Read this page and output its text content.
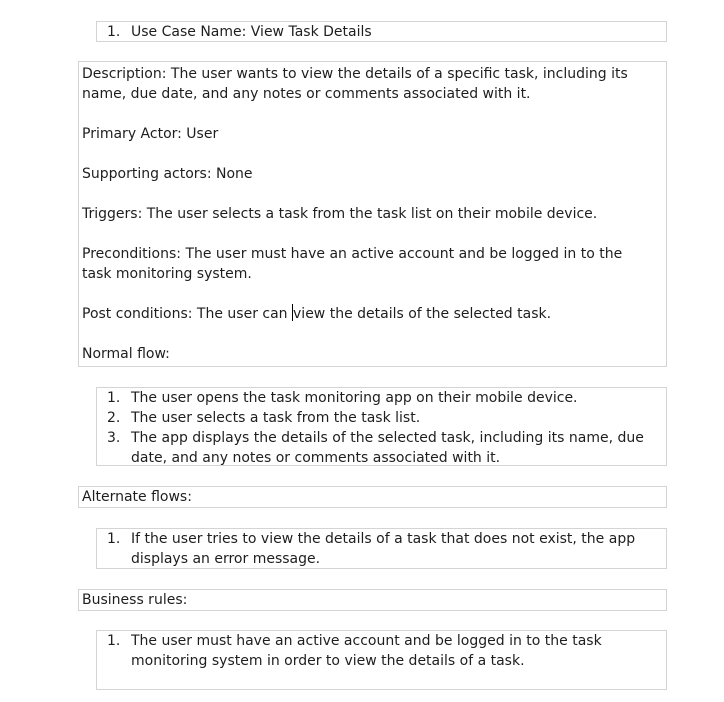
1. Use Case Name: View Task Details

Description: The user wants to view the details of a specific task, including its name, due date, and any notes or comments associated with it.

Primary Actor: User

Supporting actors: None

Triggers: The user selects a task from the task list on their mobile device.

Preconditions: The user must have an active account and be logged in to the task monitoring system.

Post conditions: The user can view the details of the selected task.

Normal flow:

1. The user opens the task monitoring app on their mobile device.
2. The user selects a task from the task list.
3. The app displays the details of the selected task, including its name, due date, and any notes or comments associated with it.

Alternate flows:

1. If the user tries to view the details of a task that does not exist, the app displays an error message.

Business rules:

1. The user must have an active account and be logged in to the task monitoring system in order to view the details of a task.
